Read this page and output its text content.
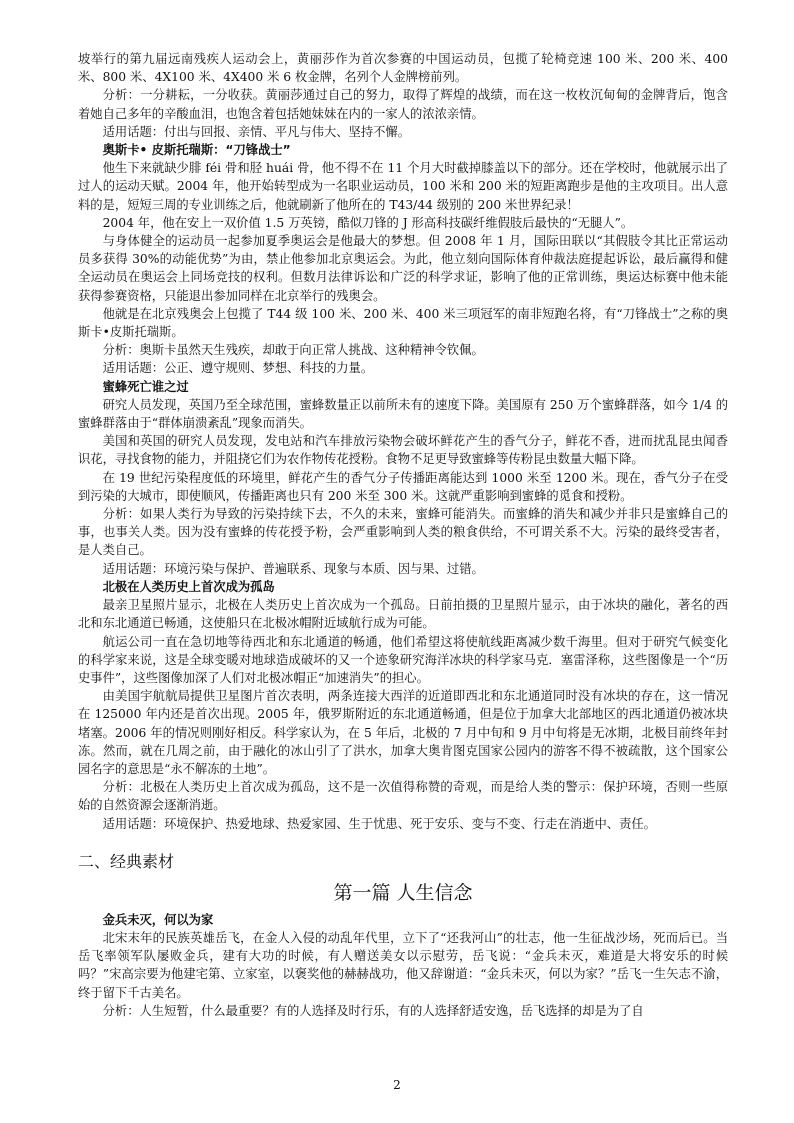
坡举行的第九届远南残疾人运动会上，黄丽莎作为首次参赛的中国运动员，包揽了轮椅竞速 100 米、200 米、400 米、800 米、4X100 米、4X400 米 6 枚金牌，名列个人金牌榜前列。

分析：一分耕耘，一分收获。黄丽莎通过自己的努力，取得了辉煌的战绩，而在这一枚枚沉甸甸的金牌背后，饱含着她自己多年的辛酸血泪，也饱含着包括她妹妹在内的一家人的浓浓亲情。

适用话题：付出与回报、亲情、平凡与伟大、坚持不懈。

奥斯卡• 皮斯托瑞斯：“刀锋战士”

他生下来就缺少腓 féi 骨和胫 huái 骨，他不得不在 11 个月大时截掉膝盖以下的部分。还在学校时，他就展示出了过人的运动天赋。2004 年，他开始转型成为一名职业运动员，100 米和 200 米的短距离跑步是他的主攻项目。出人意料的是，短短三周的专业训练之后，他就刷新了他所在的 T43/44 级别的 200 米世界纪录！

2004 年，他在安上一双价值 1.5 万英镑，酷似刀锋的 J 形高科技碳纤维假肢后最快的“无腿人”。

与身体健全的运动员一起参加夏季奥运会是他最大的梦想。但 2008 年 1 月，国际田联以“其假肢令其比正常运动员多获得 30%的动能优势”为由，禁止他参加北京奥运会。为此，他立刻向国际体育仲裁法庭提起诉讼，最后赢得和健全运动员在奥运会上同场竞技的权利。但数月法律诉讼和广泛的科学求证，影响了他的正常训练，奥运达标赛中他未能获得参赛资格，只能退出参加同样在北京举行的残奥会。

他就是在北京残奥会上包揽了 T44 级 100 米、200 米、400 米三项冠军的南非短跑名将，有“刀锋战士”之称的奥斯卡•皮斯托瑞斯。

分析：奥斯卡虽然天生残疾，却敢于向正常人挑战、这种精神令钦佩。

适用话题：公正、遵守规则、梦想、科技的力量。

蜜蜂死亡谁之过

研究人员发现，英国乃至全球范围，蜜蜂数量正以前所未有的速度下降。美国原有 250 万个蜜蜂群落，如今 1/4 的蜜蜂群落由于“群体崩溃紊乱”现象而消失。

美国和英国的研究人员发现，发电站和汽车排放污染物会破坏鲜花产生的香气分子，鲜花不香，进而扰乱昆虫闻香识花，寻找食物的能力，并阻挠它们为农作物传花授粉。食物不足更导致蜜蜂等传粉昆虫数量大幅下降。

在 19 世纪污染程度低的环境里，鲜花产生的香气分子传播距离能达到 1000 米至 1200 米。现在，香气分子在受到污染的大城市，即使顺风，传播距离也只有 200 米至 300 米。这就严重影响到蜜蜂的觅食和授粉。

分析：如果人类行为导致的污染持续下去，不久的未来，蜜蜂可能消失。而蜜蜂的消失和减少并非只是蜜蜂自己的事，也事关人类。因为没有蜜蜂的传花授予粉，会严重影响到人类的粮食供给，不可谓关系不大。污染的最终受害者，是人类自己。

适用话题：环境污染与保护、普遍联系、现象与本质、因与果、过错。

北极在人类历史上首次成为孤岛

最亲卫星照片显示，北极在人类历史上首次成为一个孤岛。日前拍摄的卫星照片显示，由于冰块的融化，著名的西北和东北通道已畅通，这使船只在北极冰帽附近域航行成为可能。

航运公司一直在急切地等待西北和东北通道的畅通，他们希望这将使航线距离减少数千海里。但对于研究气候变化的科学家来说，这是全球变暖对地球造成破坏的又一个迹象研究海洋冰块的科学家马克．塞雷泽称，这些图像是一个“历史事件”，这些图像加深了人们对北极冰帽正“加速消失”的担心。

由美国宇航航局提供卫星图片首次表明，两条连接大西洋的近道即西北和东北通道同时没有冰块的存在，这一情况在 125000 年内还是首次出现。2005 年，俄罗斯附近的东北通道畅通，但是位于加拿大北部地区的西北通道仍被冰块堵塞。2006 年的情况则刚好相反。科学家认为，在 5 年后，北极的 7 月中旬和 9 月中旬将是无冰期，北极目前终年封冻。然而，就在几周之前，由于融化的冰山引了了洪水，加拿大奥肯图克国家公园内的游客不得不被疏散，这个国家公园名字的意思是“永不解冻的土地”。

分析：北极在人类历史上首次成为孤岛，这不是一次值得称赞的奇观，而是给人类的警示：保护环境，否则一些原始的自然资源会逐渐消逝。

适用话题：环境保护、热爱地球、热爱家园、生于忧患、死于安乐、变与不变、行走在消逝中、责任。

二、经典素材

第一篇 人生信念

金兵未灭，何以为家

北宋末年的民族英雄岳飞，在金人入侵的动乱年代里，立下了“还我河山”的壮志，他一生征战沙场，死而后已。当岳飞率领军队屡败金兵，建有大功的时候，有人赠送美女以示慰劳，岳飞说：“金兵未灭，难道是大将安乐的时候吗？”宋高宗要为他建宅第、立家室，以褒奖他的赫赫战功，他又辞谢道：“金兵未灭，何以为家？”岳飞一生矢志不渝，终于留下千古美名。

分析：人生短暂，什么最重要？有的人选择及时行乐，有的人选择舒适安逸，岳飞选择的却是为了自

2
